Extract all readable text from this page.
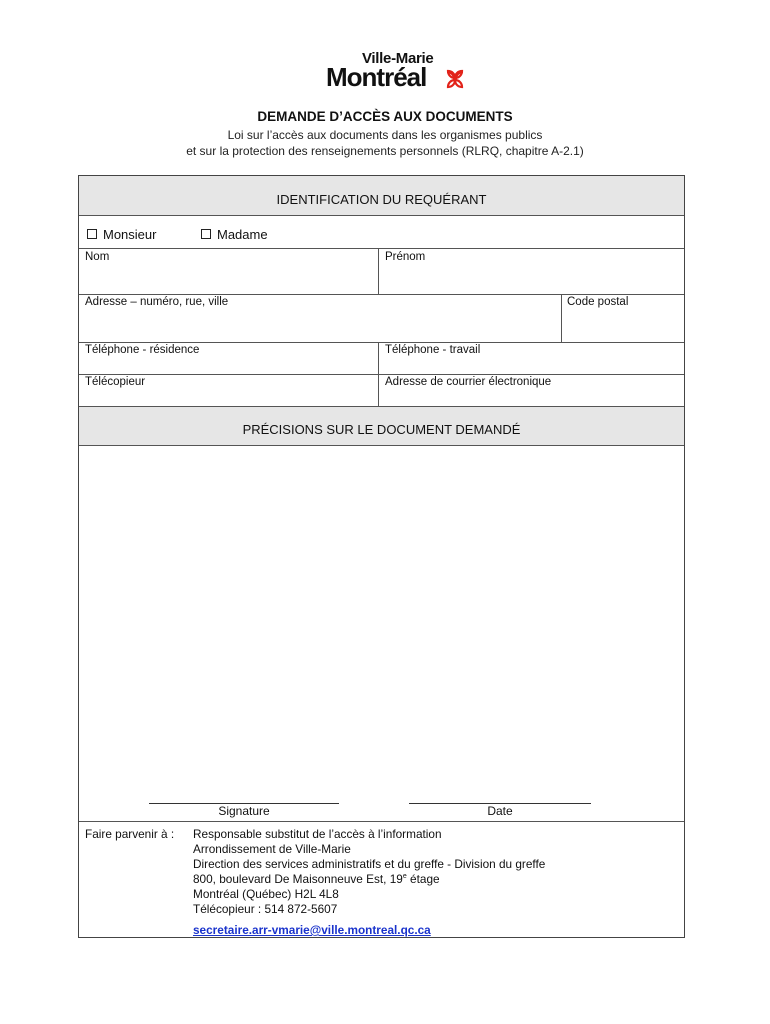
Ville-Marie
Montréal
DEMANDE D’ACCÈS AUX DOCUMENTS
Loi sur l’accès aux documents dans les organismes publics
et sur la protection des renseignements personnels (RLRQ, chapitre A-2.1)
IDENTIFICATION DU REQUÉRANT
Monsieur	Madame
Nom	Prénom
Adresse – numéro, rue, ville	Code postal
Téléphone - résidence	Téléphone - travail
Télécopieur	Adresse de courrier électronique
PRÉCISIONS SUR LE DOCUMENT DEMANDÉ
Signature	Date
Faire parvenir à : Responsable substitut de l’accès à l’information
Arrondissement de Ville-Marie
Direction des services administratifs et du greffe - Division du greffe
800, boulevard De Maisonneuve Est, 19e étage
Montréal (Québec) H2L 4L8
Télécopieur : 514 872-5607
secretaire.arr-vmarie@ville.montreal.qc.ca
